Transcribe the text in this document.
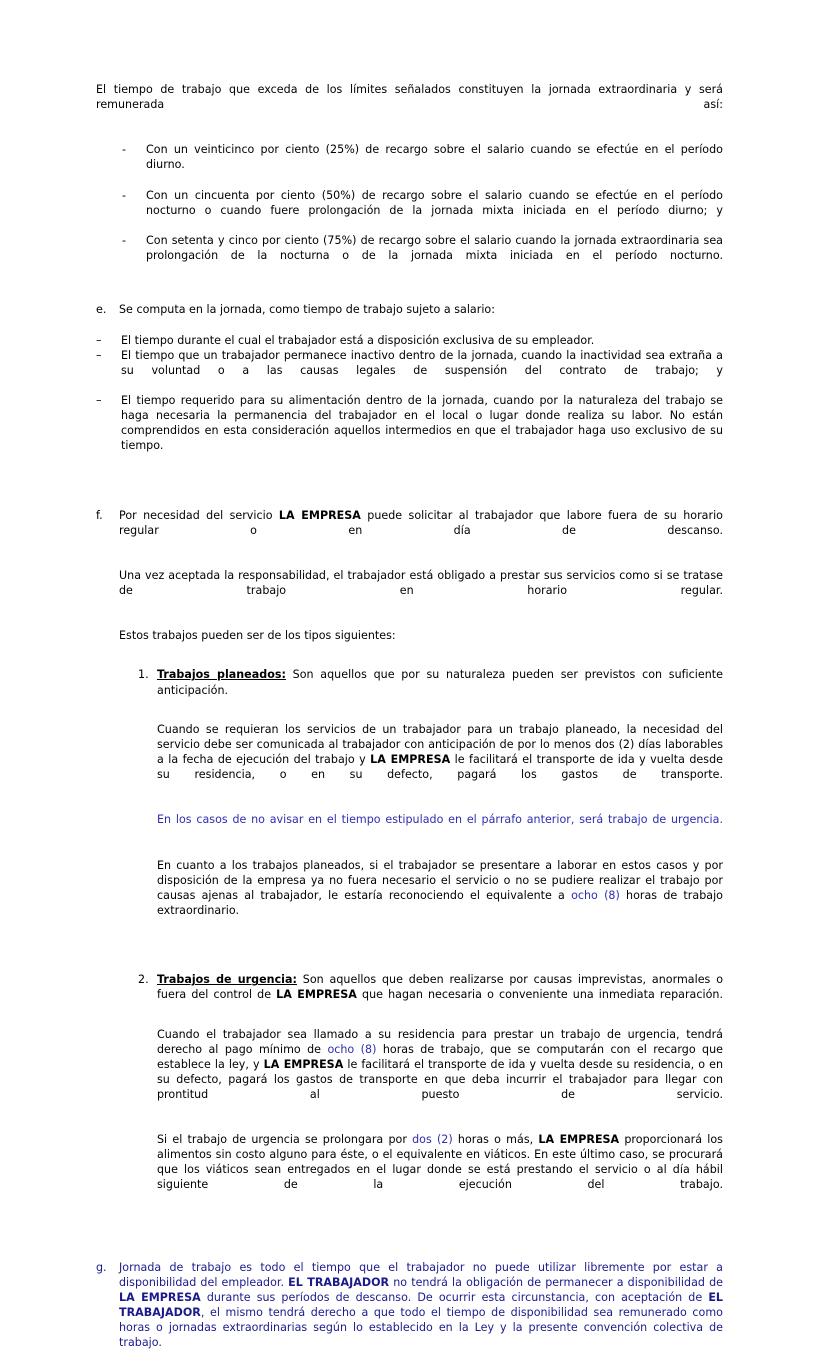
El tiempo de trabajo que exceda de los límites señalados constituyen la jornada extraordinaria y será remunerada así:

-	Con un veinticinco por ciento (25%) de recargo sobre el salario cuando se efectúe en el período diurno.
-	Con un cincuenta por ciento (50%) de recargo sobre el salario cuando se efectúe en el período nocturno o cuando fuere prolongación de la jornada mixta iniciada en el período diurno; y
-	Con setenta y cinco por ciento (75%) de recargo sobre el salario cuando la jornada extraordinaria sea prolongación de la nocturna o de la jornada mixta iniciada en el período nocturno.
e.	Se computa en la jornada, como tiempo de trabajo sujeto a salario:
–	El tiempo durante el cual el trabajador está a disposición exclusiva de su empleador.
–	El tiempo que un trabajador permanece inactivo dentro de la jornada, cuando la inactividad sea extraña a su voluntad o a las causas legales de suspensión del contrato de trabajo; y
–	El tiempo requerido para su alimentación dentro de la jornada, cuando por la naturaleza del trabajo se haga necesaria la permanencia del trabajador en el local o lugar donde realiza su labor. No están comprendidos en esta consideración aquellos intermedios en que el trabajador haga uso exclusivo de su tiempo.
f.	Por necesidad del servicio LA EMPRESA puede solicitar al trabajador que labore fuera de su horario regular o en día de descanso.

Una vez aceptada la responsabilidad, el trabajador está obligado a prestar sus servicios como si se tratase de trabajo en horario regular.

Estos trabajos pueden ser de los tipos siguientes:

1. Trabajos planeados: Son aquellos que por su naturaleza pueden ser previstos con suficiente anticipación.

Cuando se requieran los servicios de un trabajador para un trabajo planeado, la necesidad del servicio debe ser comunicada al trabajador con anticipación de por lo menos dos (2) días laborables a la fecha de ejecución del trabajo y LA EMPRESA le facilitará el transporte de ida y vuelta desde su residencia, o en su defecto, pagará los gastos de transporte.

En los casos de no avisar en el tiempo estipulado en el párrafo anterior, será trabajo de urgencia.

En cuanto a los trabajos planeados, si el trabajador se presentare a laborar en estos casos y por disposición de la empresa ya no fuera necesario el servicio o no se pudiere realizar el trabajo por causas ajenas al trabajador, le estaría reconociendo el equivalente a ocho (8) horas de trabajo extraordinario.

2. Trabajos de urgencia: Son aquellos que deben realizarse por causas imprevistas, anormales o fuera del control de LA EMPRESA que hagan necesaria o conveniente una inmediata reparación.

Cuando el trabajador sea llamado a su residencia para prestar un trabajo de urgencia, tendrá derecho al pago mínimo de ocho (8) horas de trabajo, que se computarán con el recargo que establece la ley, y LA EMPRESA le facilitará el transporte de ida y vuelta desde su residencia, o en su defecto, pagará los gastos de transporte en que deba incurrir el trabajador para llegar con prontitud al puesto de servicio.

Si el trabajo de urgencia se prolongara por dos (2) horas o más, LA EMPRESA proporcionará los alimentos sin costo alguno para éste, o el equivalente en viáticos. En este último caso, se procurará que los viáticos sean entregados en el lugar donde se está prestando el servicio o al día hábil siguiente de la ejecución del trabajo.

g.	Jornada de trabajo es todo el tiempo que el trabajador no puede utilizar libremente por estar a disponibilidad del empleador. EL TRABAJADOR no tendrá la obligación de permanecer a disponibilidad de LA EMPRESA durante sus períodos de descanso. De ocurrir esta circunstancia, con aceptación de EL TRABAJADOR, el mismo tendrá derecho a que todo el tiempo de disponibilidad sea remunerado como horas o jornadas extraordinarias según lo establecido en la Ley y la presente convención colectiva de trabajo.
